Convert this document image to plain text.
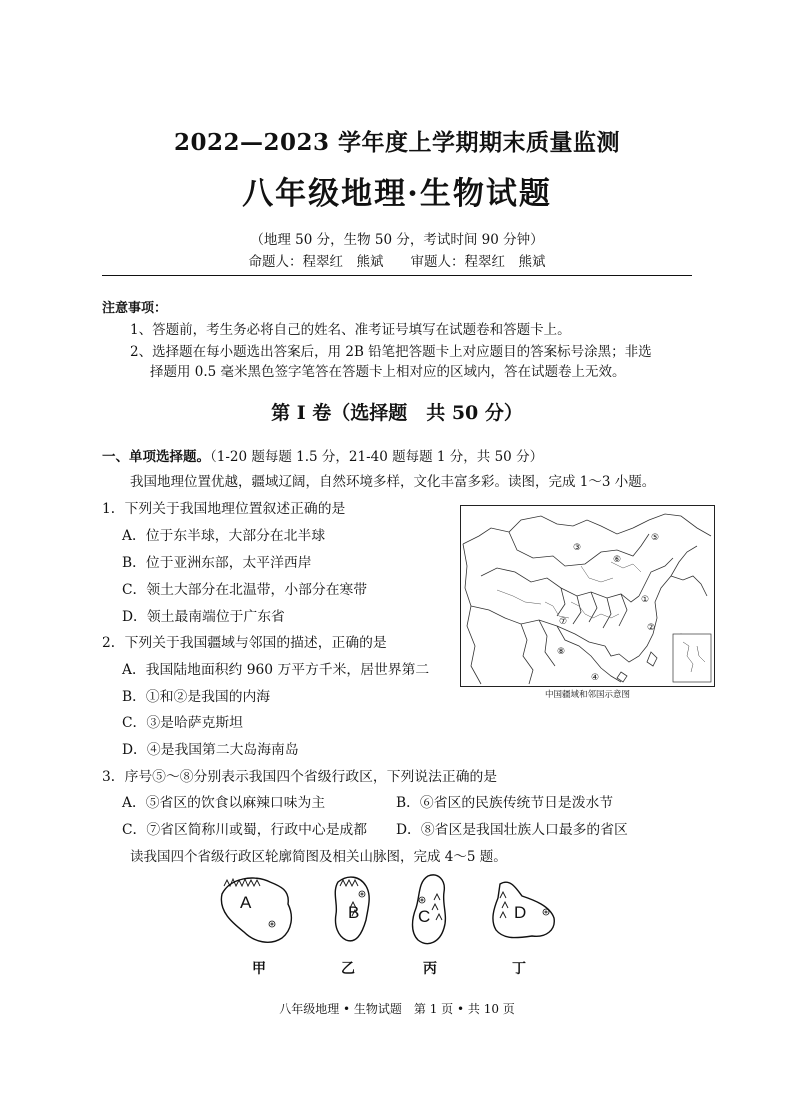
2022—2023 学年度上学期期末质量监测
八年级地理·生物试题
（地理 50 分，生物 50 分，考试时间 90 分钟）
命题人：程翠红　熊斌　　审题人：程翠红　熊斌
注意事项：
1、答题前，考生务必将自己的姓名、准考证号填写在试题卷和答题卡上。
2、选择题在每小题选出答案后，用 2B 铅笔把答题卡上对应题目的答案标号涂黑；非选
择题用 0.5 毫米黑色签字笔答在答题卡上相对应的区域内，答在试题卷上无效。
第 I 卷（选择题　共 50 分）
一、单项选择题。（1-20 题每题 1.5 分，21-40 题每题 1 分，共 50 分）
我国地理位置优越，疆域辽阔，自然环境多样，文化丰富多彩。读图，完成 1～3 小题。
1．下列关于我国地理位置叙述正确的是
A．位于东半球，大部分在北半球
B．位于亚洲东部，太平洋西岸
C．领土大部分在北温带，小部分在寒带
D．领土最南端位于广东省
2．下列关于我国疆域与邻国的描述，正确的是
A．我国陆地面积约 960 万平方千米，居世界第二
B．①和②是我国的内海
C．③是哈萨克斯坦
D．④是我国第二大岛海南岛
3．序号⑤～⑧分别表示我国四个省级行政区，下列说法正确的是
A．⑤省区的饮食以麻辣口味为主	B．⑥省区的民族传统节日是泼水节
C．⑦省区简称川或蜀，行政中心是成都 D．⑧省区是我国壮族人口最多的省区
读我国四个省级行政区轮廓简图及相关山脉图，完成 4～5 题。
①
②
③
④
⑤
⑥
⑦
⑧
中国疆域和邻国示意图
A
B	C	D
甲	乙	丙	丁
八年级地理 • 生物试题　第 1 页 • 共 10 页
